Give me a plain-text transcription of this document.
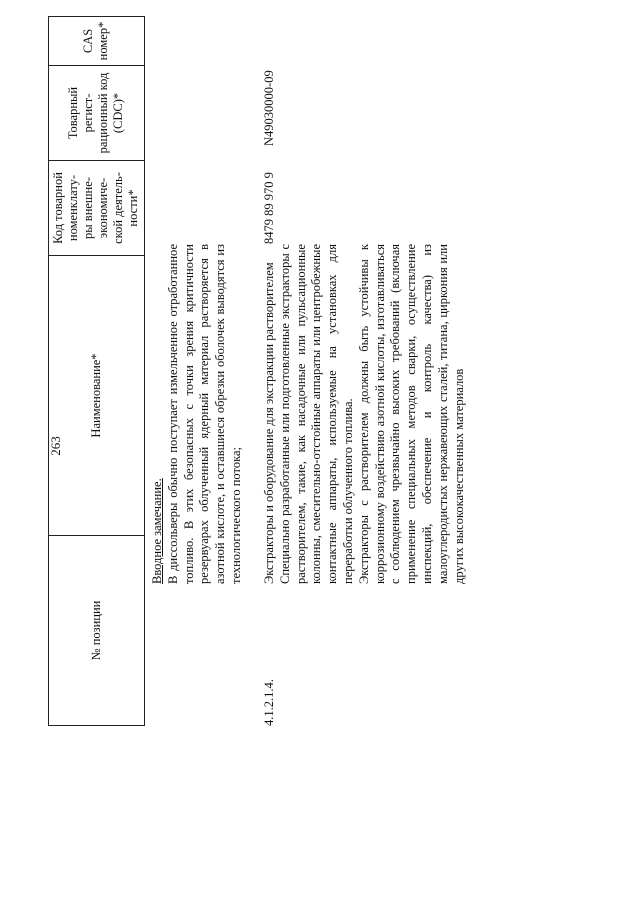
263
№ позиции
Наименование*
Код товарной номенклату- ры внешне- экономиче- ской деятель- ности*
Товарный регист- рационный код (CDC)*
CAS номер*

Вводное замечание. В диссольверы обычно поступает измельченное отработанное топливо. В этих безопасных с точки зрения критичности резервуарах облученный ядерный материал растворяется в азотной кислоте, и оставшиеся обрезки оболочек выводятся из технологического потока;

4.1.2.1.4.

Экстракторы и оборудование для экстракции растворителем Специально разработанные или подготовленные экстракторы с растворителем, такие, как насадочные или пульсационные колонны, смесительно-отстойные аппараты или центробежные контактные аппараты, используемые на установках для переработки облученного топлива. Экстракторы с растворителем должны быть устойчивы к коррозионному воздействию азотной кислоты, изготавливаться с соблюдением чрезвычайно высоких требований (включая применение специальных методов сварки, осуществление инспекций, обеспечение и контроль качества) из малоуглеродистых нержавеющих сталей, титана, циркония или других высококачественных материалов

8479 89 970 9
N49030000-09
